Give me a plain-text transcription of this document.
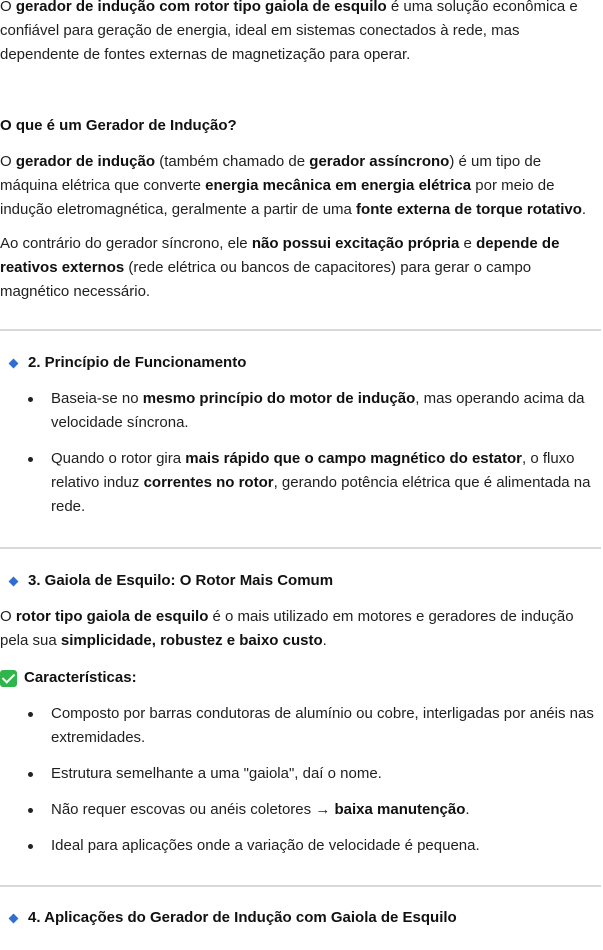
O gerador de indução com rotor tipo gaiola de esquilo é uma solução econômica e confiável para geração de energia, ideal em sistemas conectados à rede, mas dependente de fontes externas de magnetização para operar.

O que é um Gerador de Indução?

O gerador de indução (também chamado de gerador assíncrono) é um tipo de máquina elétrica que converte energia mecânica em energia elétrica por meio de indução eletromagnética, geralmente a partir de uma fonte externa de torque rotativo.

Ao contrário do gerador síncrono, ele não possui excitação própria e depende de reativos externos (rede elétrica ou bancos de capacitores) para gerar o campo magnético necessário.

2. Princípio de Funcionamento
Baseia-se no mesmo princípio do motor de indução, mas operando acima da velocidade síncrona.
Quando o rotor gira mais rápido que o campo magnético do estator, o fluxo relativo induz correntes no rotor, gerando potência elétrica que é alimentada na rede.
3. Gaiola de Esquilo: O Rotor Mais Comum

O rotor tipo gaiola de esquilo é o mais utilizado em motores e geradores de indução pela sua simplicidade, robustez e baixo custo.

Características:
Composto por barras condutoras de alumínio ou cobre, interligadas por anéis nas extremidades.
Estrutura semelhante a uma "gaiola", daí o nome.
Não requer escovas ou anéis coletores → baixa manutenção.
Ideal para aplicações onde a variação de velocidade é pequena.
4. Aplicações do Gerador de Indução com Gaiola de Esquilo
